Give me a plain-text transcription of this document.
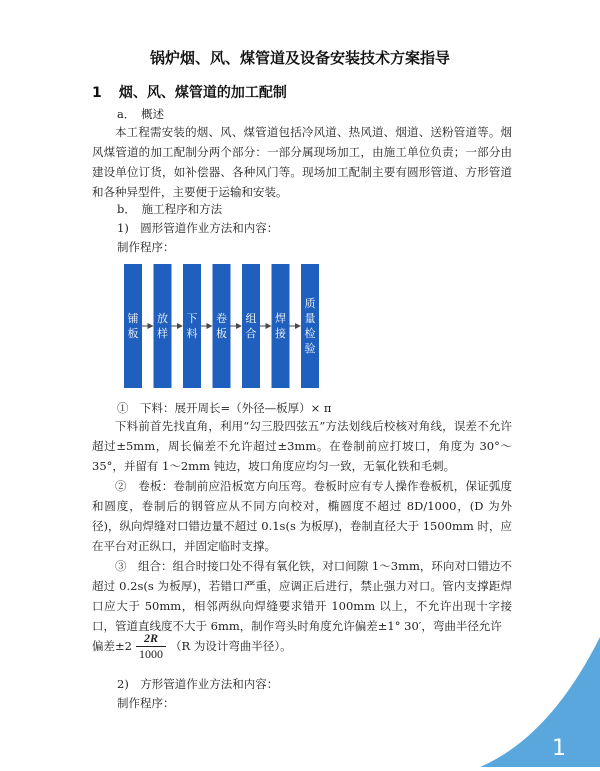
锅炉烟、风、煤管道及设备安装技术方案指导
1 烟、风、煤管道的加工配制
a．　概述
本工程需安装的烟、风、煤管道包括冷风道、热风道、烟道、送粉管道等。烟风煤管道的加工配制分两个部分：一部分属现场加工，由施工单位负责；一部分由建设单位订货，如补偿器、各种风门等。现场加工配制主要有圆形管道、方形管道和各种异型件，主要便于运输和安装。
b．　施工程序和方法
1)　圆形管道作业方法和内容：
制作程序：
铺
板
放
样
下
料
卷
板
组
合
焊
接
质
量
检
验
①　下料：展开周长=（外径—板厚）× π
下料前首先找直角，利用“勾三股四弦五”方法划线后校核对角线，误差不允许超过±5mm，周长偏差不允许超过±3mm。在卷制前应打坡口，角度为 30°～35°，并留有 1～2mm 钝边，坡口角度应均匀一致，无氧化铁和毛刺。
②　卷板：卷制前应沿板宽方向压弯。卷板时应有专人操作卷板机，保证弧度和圆度，卷制后的钢管应从不同方向校对，椭圆度不超过 8D/1000，(D 为外径)，纵向焊缝对口错边量不超过 0.1s(s 为板厚)，卷制直径大于 1500mm 时，应在平台对正纵口，并固定临时支撑。
③　组合：组合时接口处不得有氧化铁，对口间隙 1～3mm，环向对口错边不超过 0.2s(s 为板厚)，若错口严重，应调正后进行，禁止强力对口。管内支撑距焊口应大于 50mm，相邻两纵向焊缝要求错开 100mm 以上，不允许出现十字接口，管道直线度不大于 6mm，制作弯头时角度允许偏差±1° 30′，弯曲半径允许
偏差$\pm 2 \frac{2R}{1000} (R$ 为设计弯曲半径）。
2)　方形管道作业方法和内容：
制作程序：
1
